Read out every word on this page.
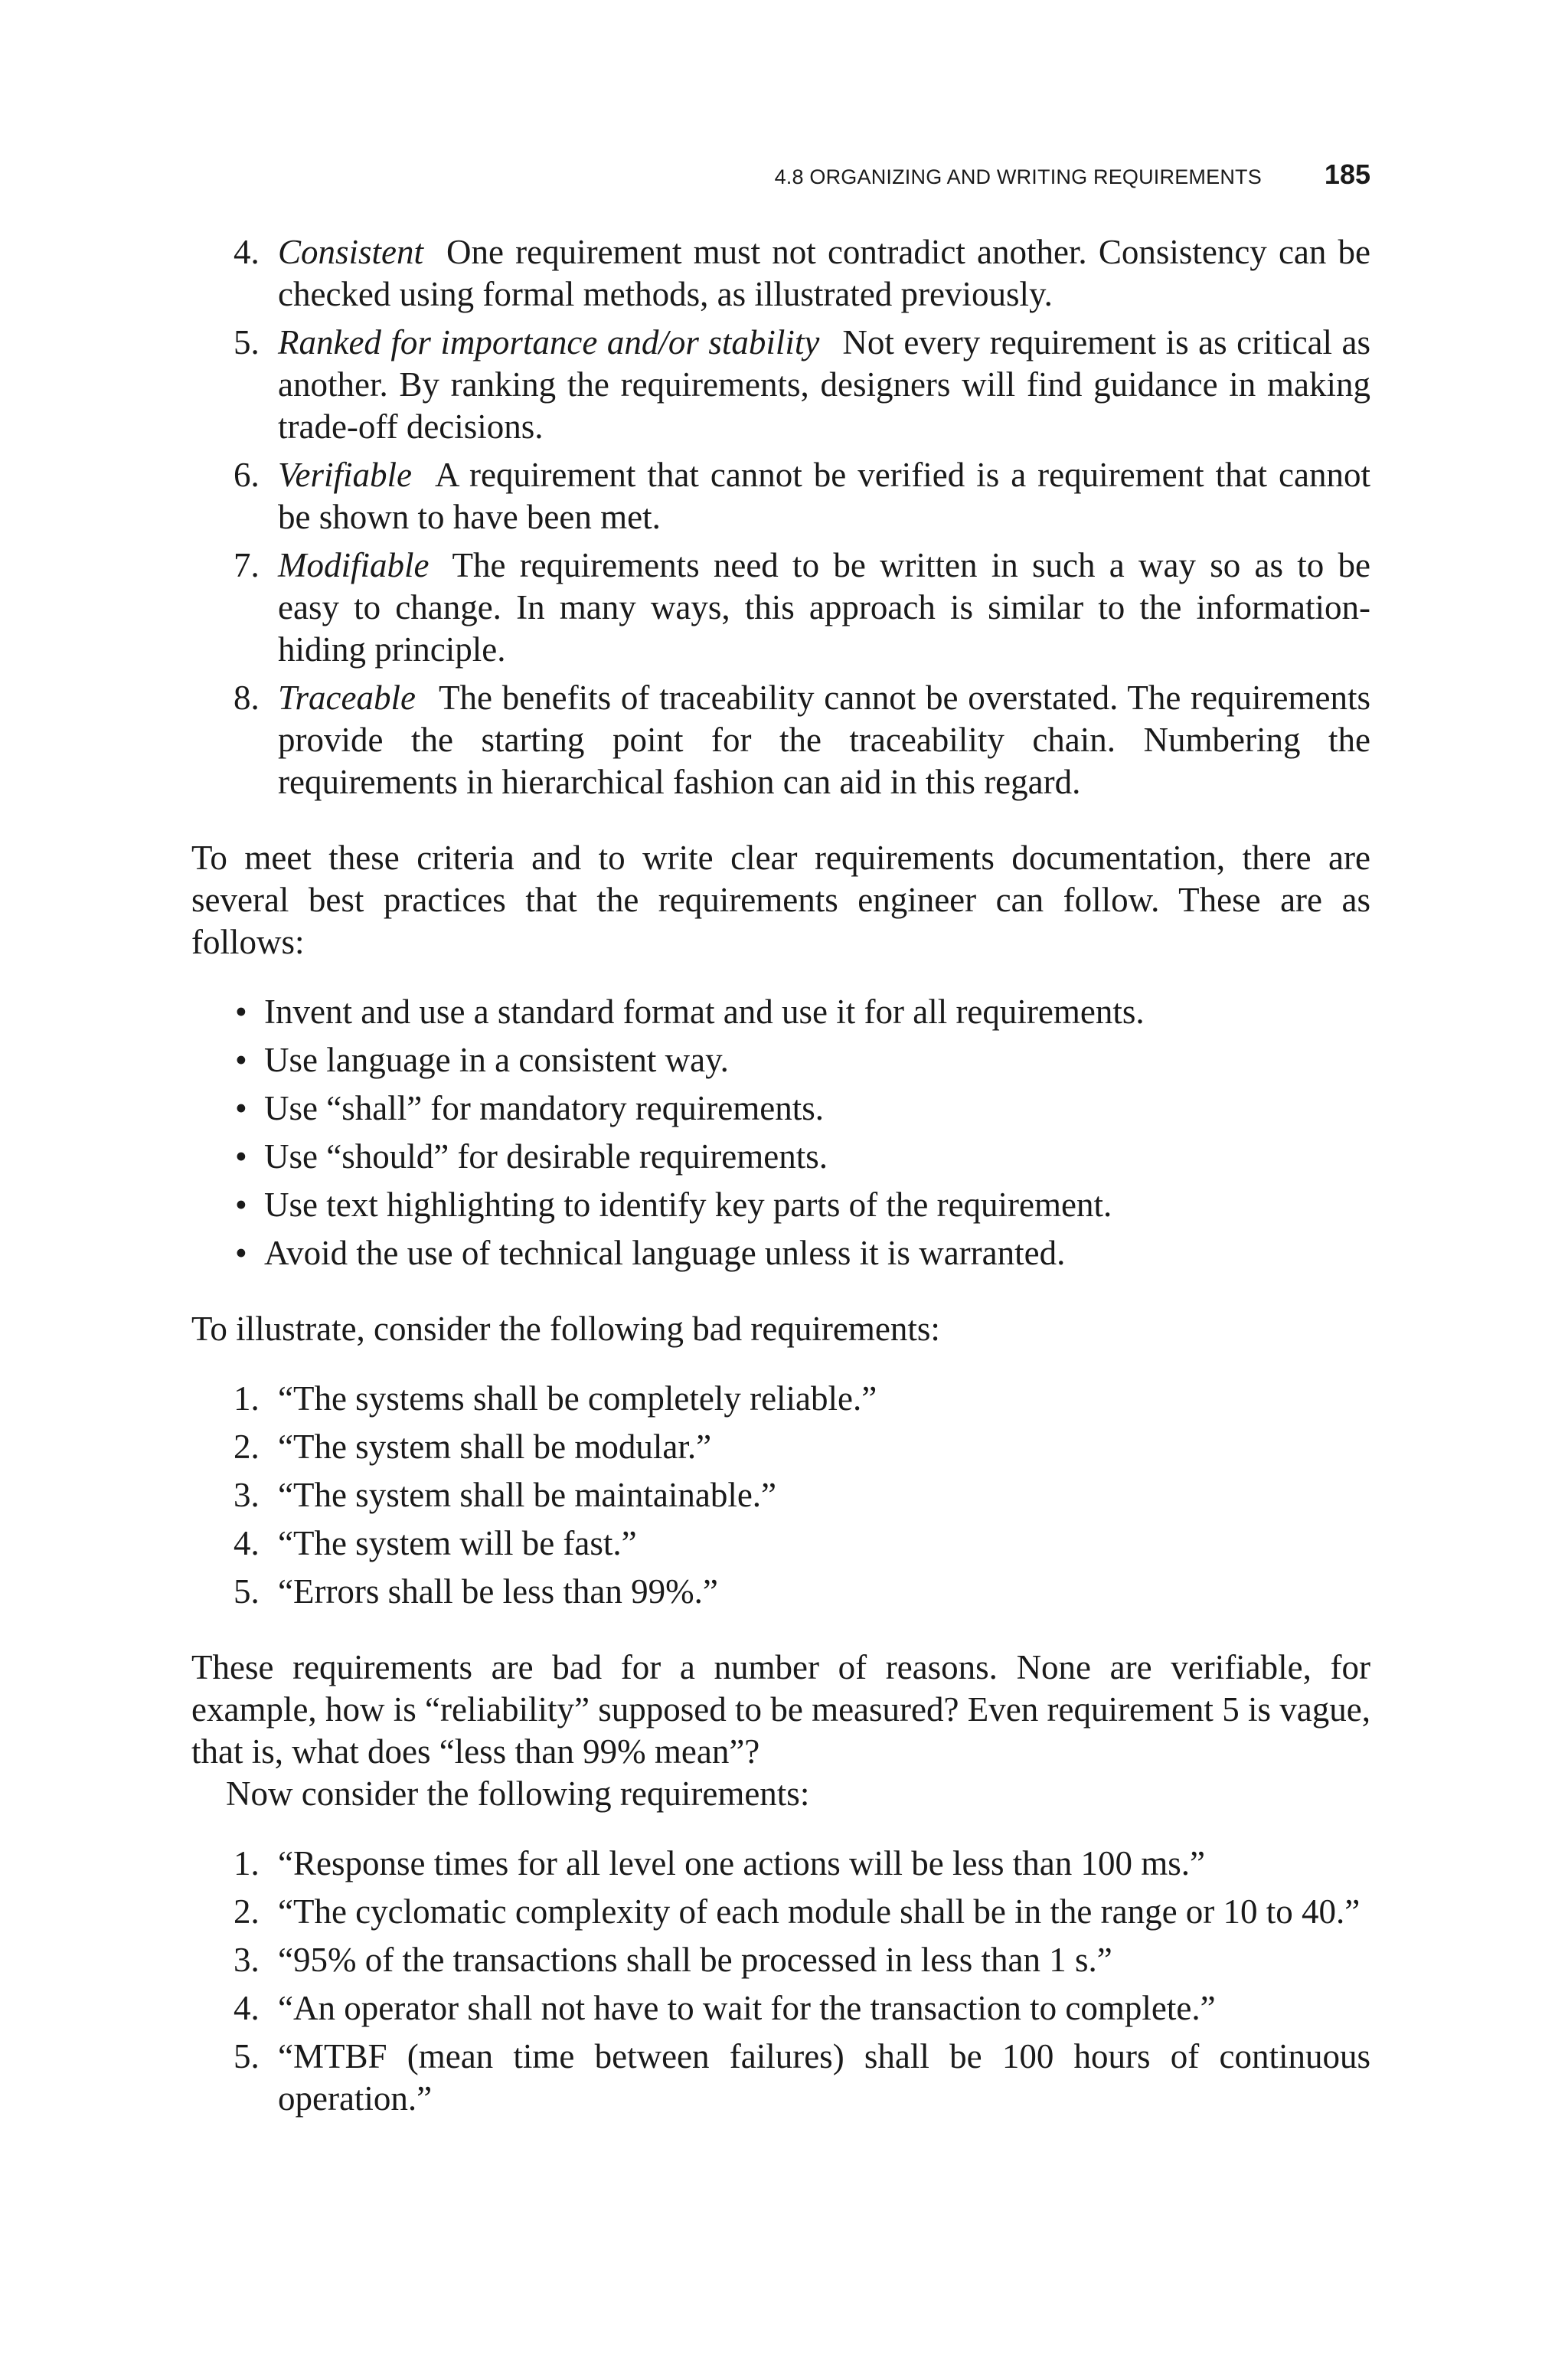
4.8 ORGANIZING AND WRITING REQUIREMENTS 185
4. Consistent One requirement must not contradict another. Consistency can be checked using formal methods, as illustrated previously.
5. Ranked for importance and/or stability Not every requirement is as critical as another. By ranking the requirements, designers will find guidance in making trade-off decisions.
6. Verifiable A requirement that cannot be verified is a requirement that cannot be shown to have been met.
7. Modifiable The requirements need to be written in such a way so as to be easy to change. In many ways, this approach is similar to the information-hiding principle.
8. Traceable The benefits of traceability cannot be overstated. The requirements provide the starting point for the traceability chain. Numbering the requirements in hierarchical fashion can aid in this regard.

To meet these criteria and to write clear requirements documentation, there are several best practices that the requirements engineer can follow. These are as follows:

• Invent and use a standard format and use it for all requirements.
• Use language in a consistent way.
• Use “shall” for mandatory requirements.
• Use “should” for desirable requirements.
• Use text highlighting to identify key parts of the requirement.
• Avoid the use of technical language unless it is warranted.

To illustrate, consider the following bad requirements:

1. “The systems shall be completely reliable.”
2. “The system shall be modular.”
3. “The system shall be maintainable.”
4. “The system will be fast.”
5. “Errors shall be less than 99%.”

These requirements are bad for a number of reasons. None are verifiable, for example, how is “reliability” supposed to be measured? Even requirement 5 is vague, that is, what does “less than 99% mean”?

Now consider the following requirements:

1. “Response times for all level one actions will be less than 100 ms.”
2. “The cyclomatic complexity of each module shall be in the range or 10 to 40.”
3. “95% of the transactions shall be processed in less than 1 s.”
4. “An operator shall not have to wait for the transaction to complete.”
5. “MTBF (mean time between failures) shall be 100 hours of continuous operation.”
